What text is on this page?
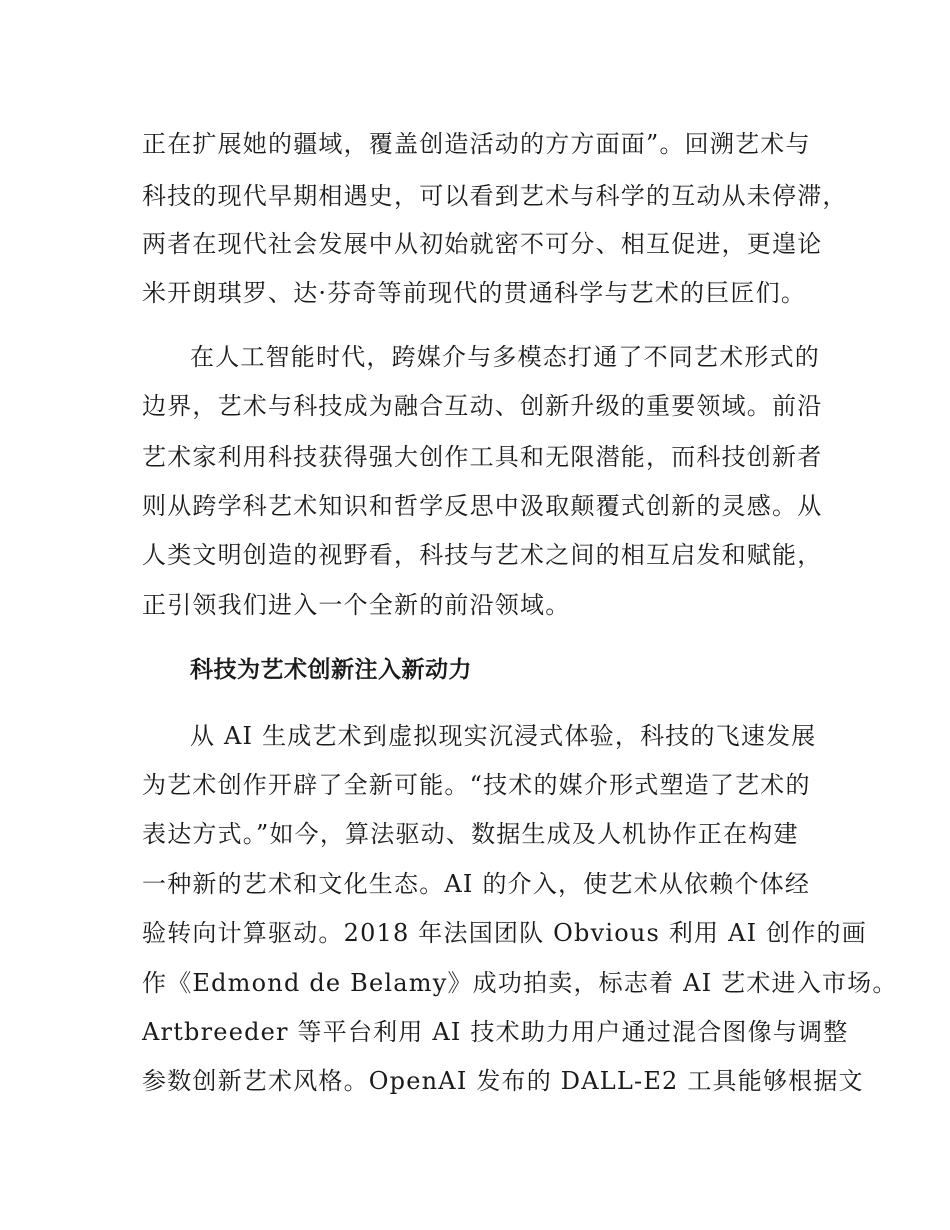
正在扩展她的疆域，覆盖创造活动的方方面面”。回溯艺术与
科技的现代早期相遇史，可以看到艺术与科学的互动从未停滞，
两者在现代社会发展中从初始就密不可分、相互促进，更遑论
米开朗琪罗、达·芬奇等前现代的贯通科学与艺术的巨匠们。
在人工智能时代，跨媒介与多模态打通了不同艺术形式的
边界，艺术与科技成为融合互动、创新升级的重要领域。前沿
艺术家利用科技获得强大创作工具和无限潜能，而科技创新者
则从跨学科艺术知识和哲学反思中汲取颠覆式创新的灵感。从
人类文明创造的视野看，科技与艺术之间的相互启发和赋能，
正引领我们进入一个全新的前沿领域。
科技为艺术创新注入新动力
从 AI 生成艺术到虚拟现实沉浸式体验，科技的飞速发展
为艺术创作开辟了全新可能。“技术的媒介形式塑造了艺术的
表达方式。”如今，算法驱动、数据生成及人机协作正在构建
一种新的艺术和文化生态。AI 的介入，使艺术从依赖个体经
验转向计算驱动。2018 年法国团队 Obvious 利用 AI 创作的画
作《Edmond de Belamy》成功拍卖，标志着 AI 艺术进入市场。
Artbreeder 等平台利用 AI 技术助力用户通过混合图像与调整
参数创新艺术风格。OpenAI 发布的 DALL-E2 工具能够根据文
